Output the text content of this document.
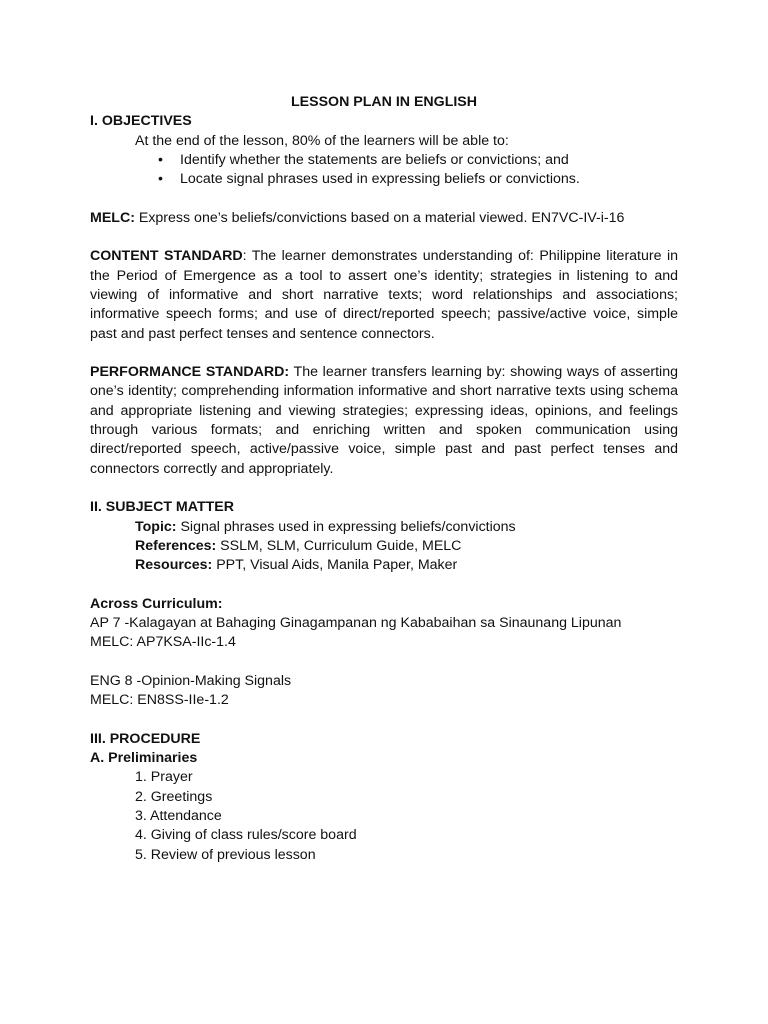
LESSON PLAN IN ENGLISH
I. OBJECTIVES
At the end of the lesson, 80% of the learners will be able to:
• Identify whether the statements are beliefs or convictions; and
• Locate signal phrases used in expressing beliefs or convictions.
MELC: Express one’s beliefs/convictions based on a material viewed. EN7VC-IV-i-16
CONTENT STANDARD: The learner demonstrates understanding of: Philippine literature in the Period of Emergence as a tool to assert one’s identity; strategies in listening to and viewing of informative and short narrative texts; word relationships and associations; informative speech forms; and use of direct/reported speech; passive/active voice, simple past and past perfect tenses and sentence connectors.
PERFORMANCE STANDARD: The learner transfers learning by: showing ways of asserting one’s identity; comprehending information informative and short narrative texts using schema and appropriate listening and viewing strategies; expressing ideas, opinions, and feelings through various formats; and enriching written and spoken communication using direct/reported speech, active/passive voice, simple past and past perfect tenses and connectors correctly and appropriately.
II. SUBJECT MATTER
Topic: Signal phrases used in expressing beliefs/convictions
References: SSLM, SLM, Curriculum Guide, MELC
Resources: PPT, Visual Aids, Manila Paper, Maker
Across Curriculum:
AP 7 -Kalagayan at Bahaging Ginagampanan ng Kababaihan sa Sinaunang Lipunan
MELC: AP7KSA-IIc-1.4
ENG 8 -Opinion-Making Signals
MELC: EN8SS-IIe-1.2
III. PROCEDURE
A. Preliminaries
1. Prayer
2. Greetings
3. Attendance
4. Giving of class rules/score board
5. Review of previous lesson
